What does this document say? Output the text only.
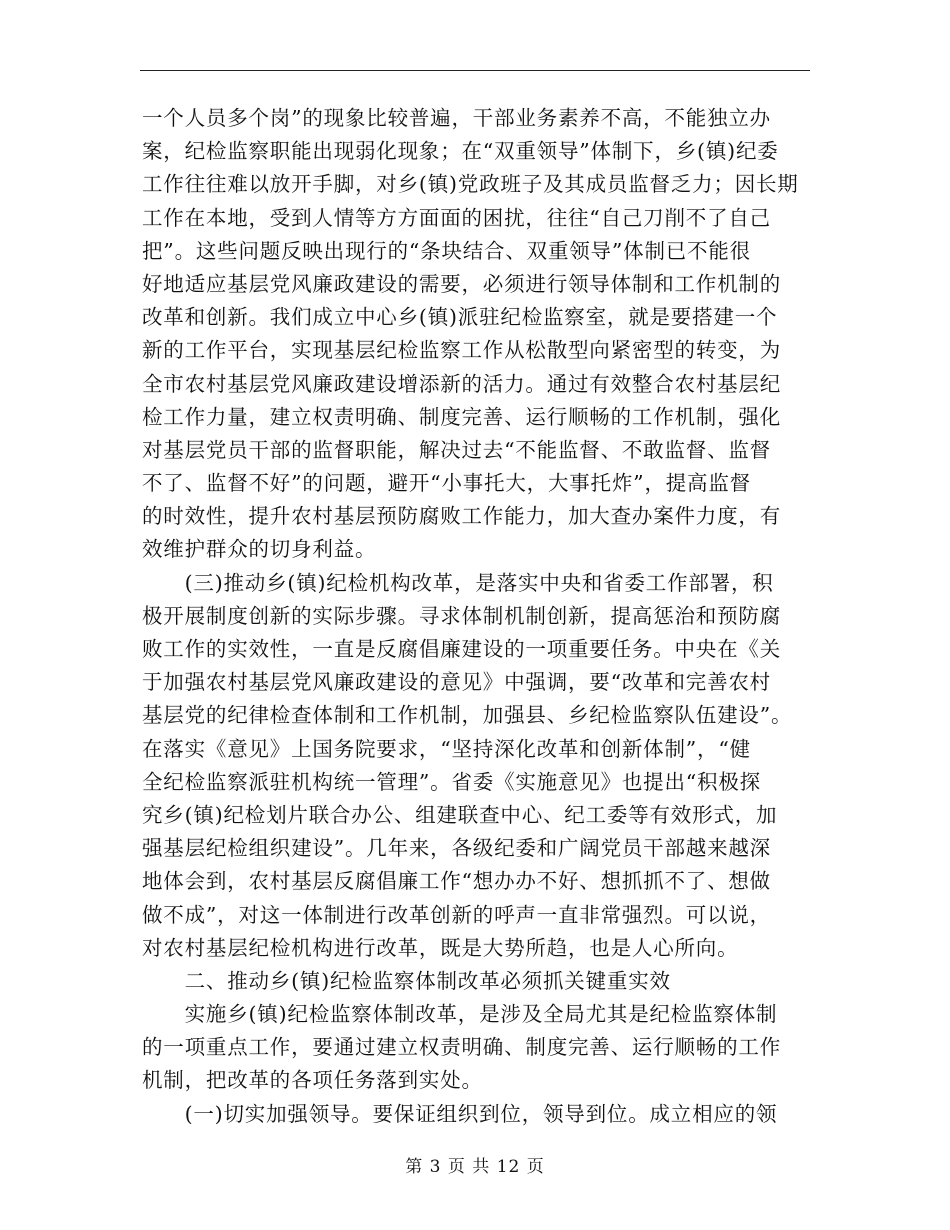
一个人员多个岗”的现象比较普遍，干部业务素养不高，不能独立办
案，纪检监察职能出现弱化现象；在“双重领导”体制下，乡(镇)纪委
工作往往难以放开手脚，对乡(镇)党政班子及其成员监督乏力；因长期
工作在本地，受到人情等方方面面的困扰，往往“自己刀削不了自己
把”。这些问题反映出现行的“条块结合、双重领导”体制已不能很
好地适应基层党风廉政建设的需要，必须进行领导体制和工作机制的
改革和创新。我们成立中心乡(镇)派驻纪检监察室，就是要搭建一个
新的工作平台，实现基层纪检监察工作从松散型向紧密型的转变，为
全市农村基层党风廉政建设增添新的活力。通过有效整合农村基层纪
检工作力量，建立权责明确、制度完善、运行顺畅的工作机制，强化
对基层党员干部的监督职能，解决过去“不能监督、不敢监督、监督
不了、监督不好”的问题，避开“小事托大，大事托炸”，提高监督
的时效性，提升农村基层预防腐败工作能力，加大查办案件力度，有
效维护群众的切身利益。
　　(三)推动乡(镇)纪检机构改革，是落实中央和省委工作部署，积
极开展制度创新的实际步骤。寻求体制机制创新，提高惩治和预防腐
败工作的实效性，一直是反腐倡廉建设的一项重要任务。中央在《关
于加强农村基层党风廉政建设的意见》中强调，要“改革和完善农村
基层党的纪律检查体制和工作机制，加强县、乡纪检监察队伍建设”。
在落实《意见》上国务院要求，“坚持深化改革和创新体制”，“健
全纪检监察派驻机构统一管理”。省委《实施意见》也提出“积极探
究乡(镇)纪检划片联合办公、组建联查中心、纪工委等有效形式，加
强基层纪检组织建设”。几年来，各级纪委和广阔党员干部越来越深
地体会到，农村基层反腐倡廉工作“想办办不好、想抓抓不了、想做
做不成”，对这一体制进行改革创新的呼声一直非常强烈。可以说，
对农村基层纪检机构进行改革，既是大势所趋，也是人心所向。
　　二、推动乡(镇)纪检监察体制改革必须抓关键重实效
　　实施乡(镇)纪检监察体制改革，是涉及全局尤其是纪检监察体制
的一项重点工作，要通过建立权责明确、制度完善、运行顺畅的工作
机制，把改革的各项任务落到实处。
　　(一)切实加强领导。要保证组织到位，领导到位。成立相应的领
第 3 页 共 12 页
